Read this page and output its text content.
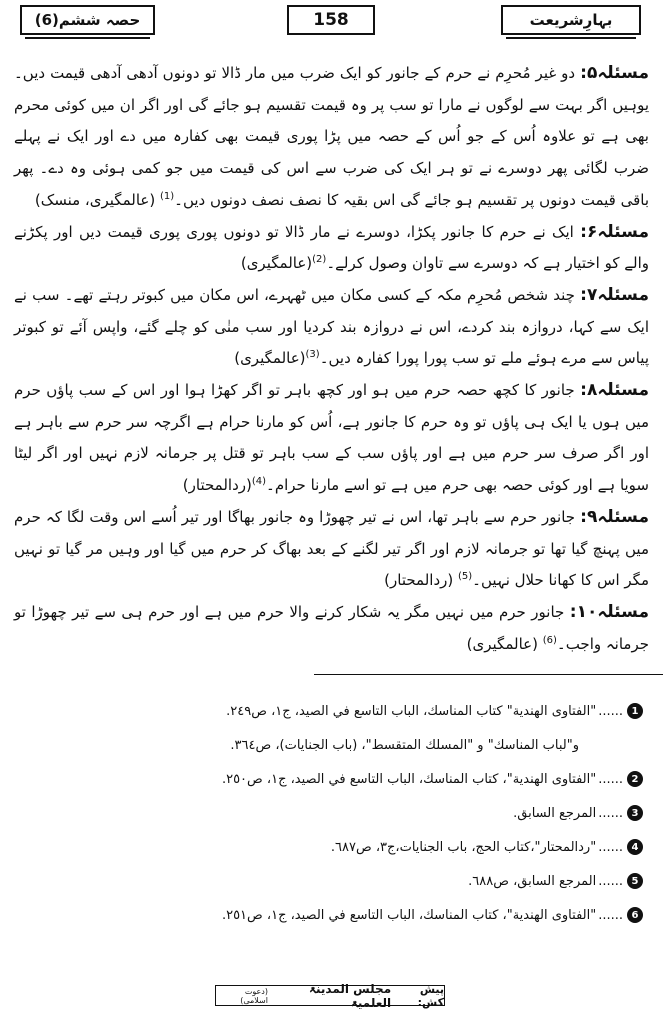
حصہ ششم(6)	158	بہارِشریعت

مسئلہ۵: دو غیر مُحرِم نے حرم کے جانور کو ایک ضرب میں مار ڈالا تو دونوں آدھی آدھی قیمت دیں۔ یوہیں اگر بہت سے لوگوں نے مارا تو سب پر وہ قیمت تقسیم ہو جائے گی اور اگر ان میں کوئی محرم بھی ہے تو علاوہ اُس کے جو اُس کے حصہ میں پڑا پوری قیمت بھی کفارہ میں دے اور ایک نے پہلے ضرب لگائی پھر دوسرے نے تو ہر ایک کی ضرب سے اس کی قیمت میں جو کمی ہوئی وہ دے۔ پھر باقی قیمت دونوں پر تقسیم ہو جائے گی اس بقیہ کا نصف نصف دونوں دیں۔$^{(1)}$ (عالمگیری، منسک)

مسئلہ۶: ایک نے حرم کا جانور پکڑا، دوسرے نے مار ڈالا تو دونوں پوری پوری قیمت دیں اور پکڑنے والے کو اختیار ہے کہ دوسرے سے تاوان وصول کرلے۔$^{(2)}$(عالمگیری)

مسئلہ۷: چند شخص مُحرِم مکہ کے کسی مکان میں ٹھہرے، اس مکان میں کبوتر رہتے تھے۔ سب نے ایک سے کہا، دروازہ بند کردے، اس نے دروازہ بند کردیا اور سب منٰی کو چلے گئے، واپس آئے تو کبوتر پیاس سے مرے ہوئے ملے تو سب پورا پورا کفارہ دیں۔$^{(3)}$(عالمگیری)

مسئلہ۸: جانور کا کچھ حصہ حرم میں ہو اور کچھ باہر تو اگر کھڑا ہوا اور اس کے سب پاؤں حرم میں ہوں یا ایک ہی پاؤں تو وہ حرم کا جانور ہے، اُس کو مارنا حرام ہے اگرچہ سر حرم سے باہر ہے اور اگر صرف سر حرم میں ہے اور پاؤں سب کے سب باہر تو قتل پر جرمانہ لازم نہیں اور اگر لیٹا سویا ہے اور کوئی حصہ بھی حرم میں ہے تو اسے مارنا حرام۔$^{(4)}$(ردالمحتار)

مسئلہ۹: جانور حرم سے باہر تھا، اس نے تیر چھوڑا وہ جانور بھاگا اور تیر اُسے اس وقت لگا کہ حرم میں پہنچ گیا تھا تو جرمانہ لازم اور اگر تیر لگنے کے بعد بھاگ کر حرم میں گیا اور وہیں مر گیا تو نہیں مگر اس کا کھانا حلال نہیں۔$^{(5)}$ (ردالمحتار)

مسئلہ۱۰: جانور حرم میں نہیں مگر یہ شکار کرنے والا حرم میں ہے اور حرم ہی سے تیر چھوڑا تو جرمانہ واجب۔$^{(6)}$ (عالمگیری)

1
......
"الفتاوى الهندية" كتاب المناسك، الباب التاسع في الصيد، ج١، ص٢٤٩.
و"لباب المناسك" و "المسلك المتقسط"، (باب الجنايات)، ص٣٦٤.
2
......
"الفتاوى الهندية"، كتاب المناسك، الباب التاسع في الصيد، ج١، ص٢٥٠.
3
......
المرجع السابق.
4
......
"ردالمحتار"،كتاب الحج، باب الجنايات،ج٣، ص٦٨٧.
5
......
المرجع السابق، ص٦٨٨.
6
......
"الفتاوى الهندية"، كتاب المناسك، الباب التاسع في الصيد، ج١، ص٢٥١.
پیش کش:
مجلس المدینۃ العلمیۃ
(دعوت اسلامی)
